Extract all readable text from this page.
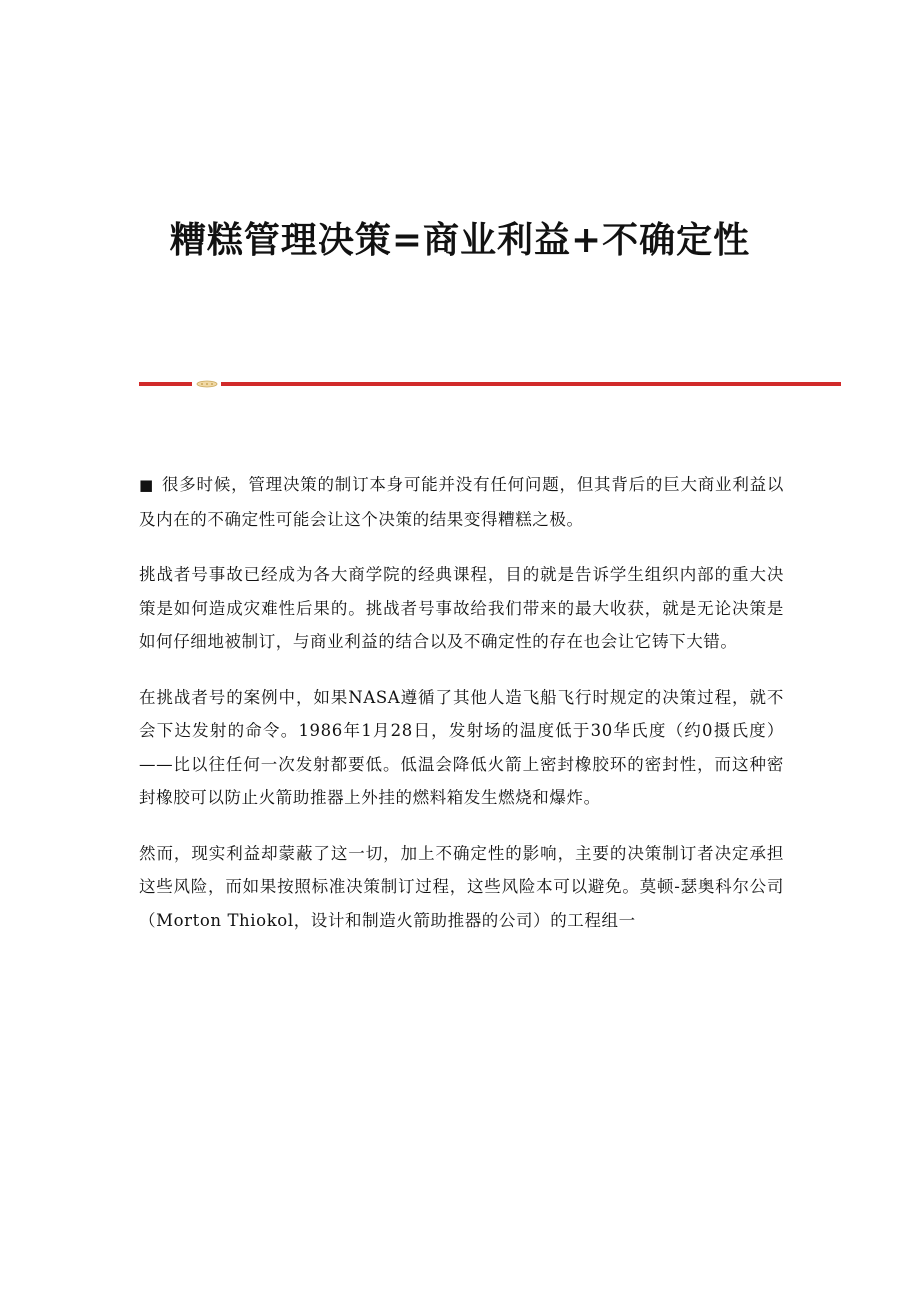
糟糕管理决策=商业利益+不确定性

■ 很多时候，管理决策的制订本身可能并没有任何问题，但其背后的巨大商业利益以及内在的不确定性可能会让这个决策的结果变得糟糕之极。

挑战者号事故已经成为各大商学院的经典课程，目的就是告诉学生组织内部的重大决策是如何造成灾难性后果的。挑战者号事故给我们带来的最大收获，就是无论决策是如何仔细地被制订，与商业利益的结合以及不确定性的存在也会让它铸下大错。

在挑战者号的案例中，如果NASA遵循了其他人造飞船飞行时规定的决策过程，就不会下达发射的命令。1986年1月28日，发射场的温度低于30华氏度（约0摄氏度）——比以往任何一次发射都要低。低温会降低火箭上密封橡胶环的密封性，而这种密封橡胶可以防止火箭助推器上外挂的燃料箱发生燃烧和爆炸。

然而，现实利益却蒙蔽了这一切，加上不确定性的影响，主要的决策制订者决定承担这些风险，而如果按照标准决策制订过程，这些风险本可以避免。莫顿-瑟奥科尔公司（Morton Thiokol，设计和制造火箭助推器的公司）的工程组一
